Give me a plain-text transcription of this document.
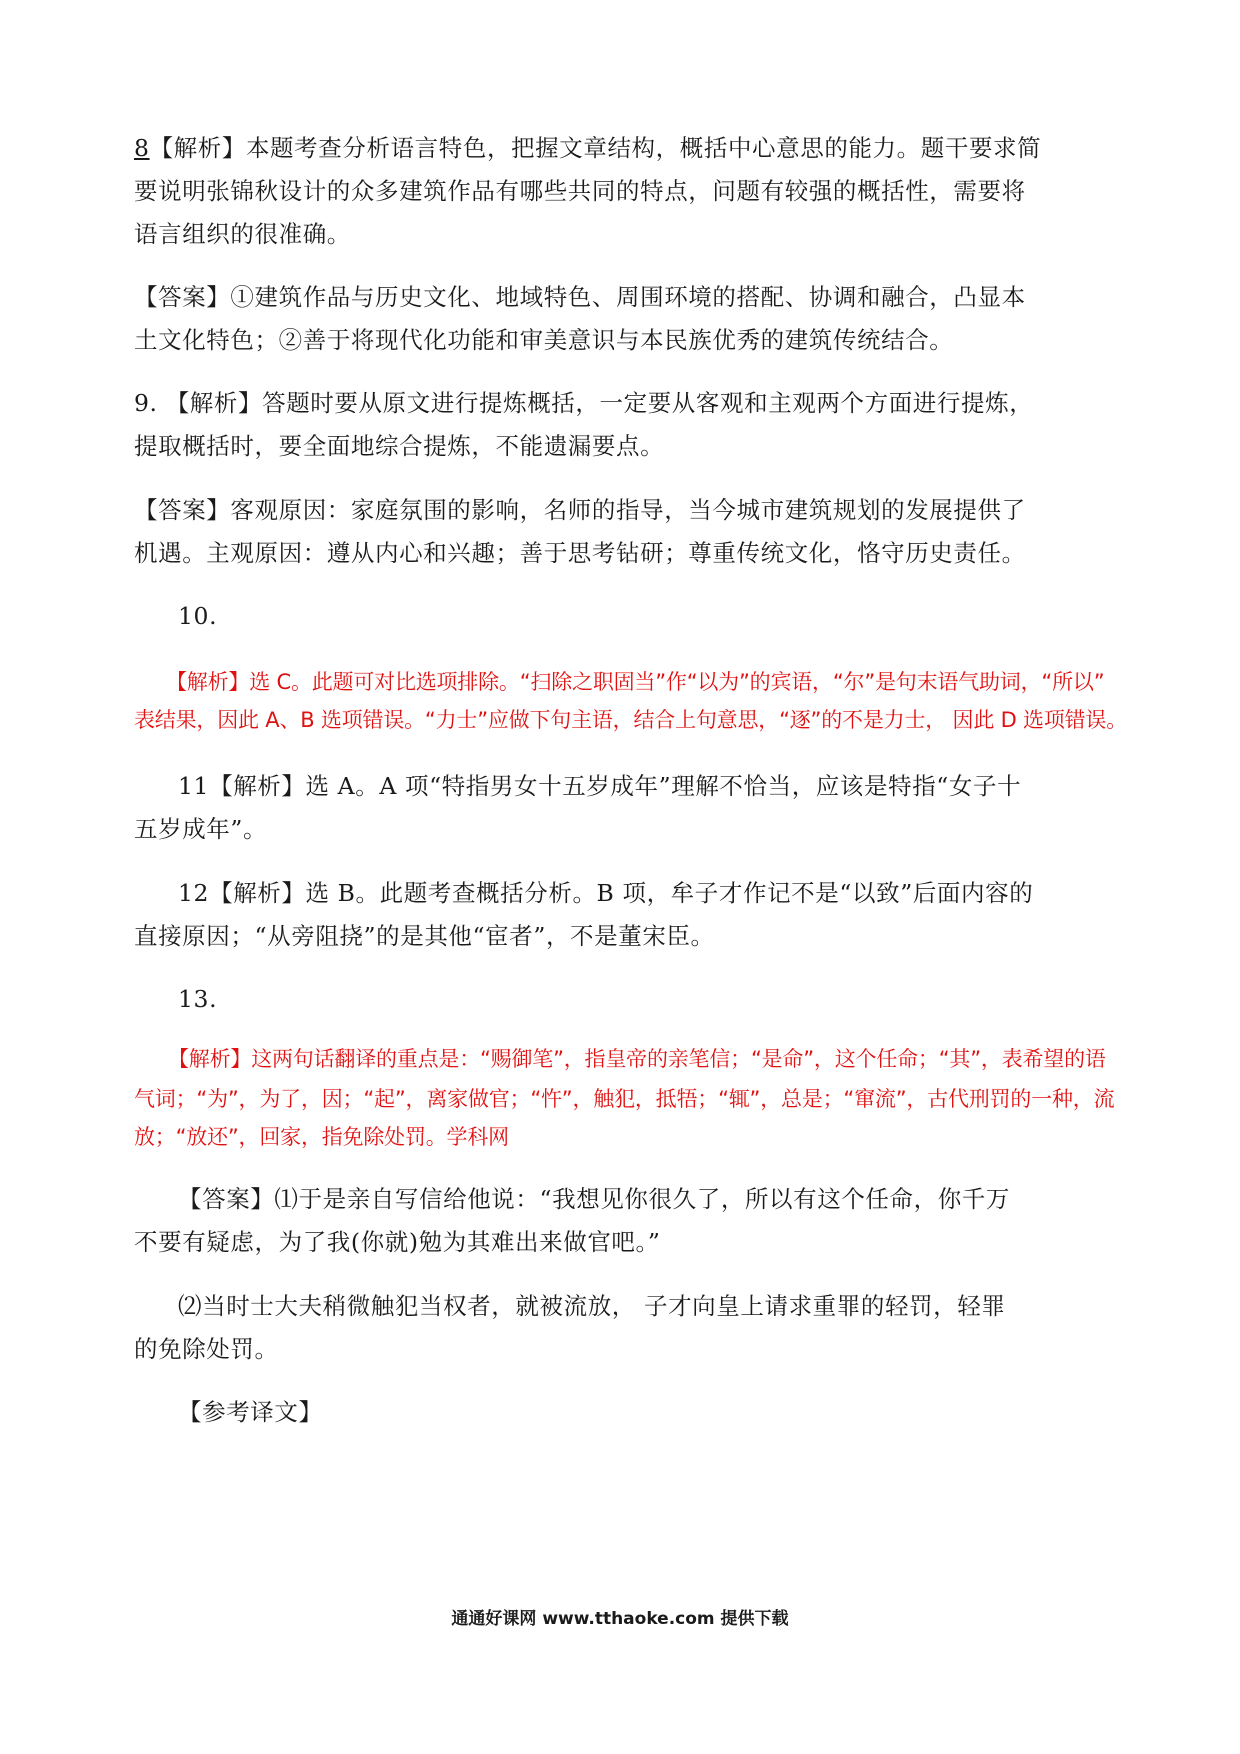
8【解析】本题考查分析语言特色，把握文章结构，概括中心意思的能力。题干要求简
要说明张锦秋设计的众多建筑作品有哪些共同的特点，问题有较强的概括性，需要将
语言组织的很准确。
【答案】①建筑作品与历史文化、地域特色、周围环境的搭配、协调和融合，凸显本
土文化特色；②善于将现代化功能和审美意识与本民族优秀的建筑传统结合。
9. 【解析】答题时要从原文进行提炼概括，一定要从客观和主观两个方面进行提炼，
提取概括时，要全面地综合提炼，不能遗漏要点。
【答案】客观原因：家庭氛围的影响，名师的指导，当今城市建筑规划的发展提供了
机遇。主观原因：遵从内心和兴趣；善于思考钻研；尊重传统文化，恪守历史责任。
10.
【解析】选 C。此题可对比选项排除。“扫除之职固当”作“以为”的宾语，“尔”是句末语气助词，“所以”
表结果，因此 A、B 选项错误。“力士”应做下句主语，结合上句意思，“逐”的不是力士， 因此 D 选项错误。
11【解析】选 A。A 项“特指男女十五岁成年”理解不恰当，应该是特指“女子十
五岁成年”。
12【解析】选 B。此题考查概括分析。B 项，牟子才作记不是“以致”后面内容的
直接原因；“从旁阻挠”的是其他“宦者”，不是董宋臣。
13.
【解析】这两句话翻译的重点是：“赐御笔”，指皇帝的亲笔信；“是命”，这个任命；“其”，表希望的语
气词；“为”，为了，因；“起”，离家做官；“忤”，触犯，抵牾；“辄”，总是；“窜流”，古代刑罚的一种，流
放；“放还”，回家，指免除处罚。学科网
【答案】⑴于是亲自写信给他说：“我想见你很久了，所以有这个任命，你千万
不要有疑虑，为了我(你就)勉为其难出来做官吧。”
⑵当时士大夫稍微触犯当权者，就被流放， 子才向皇上请求重罪的轻罚，轻罪
的免除处罚。
【参考译文】
通通好课网 www.tthaoke.com 提供下载
